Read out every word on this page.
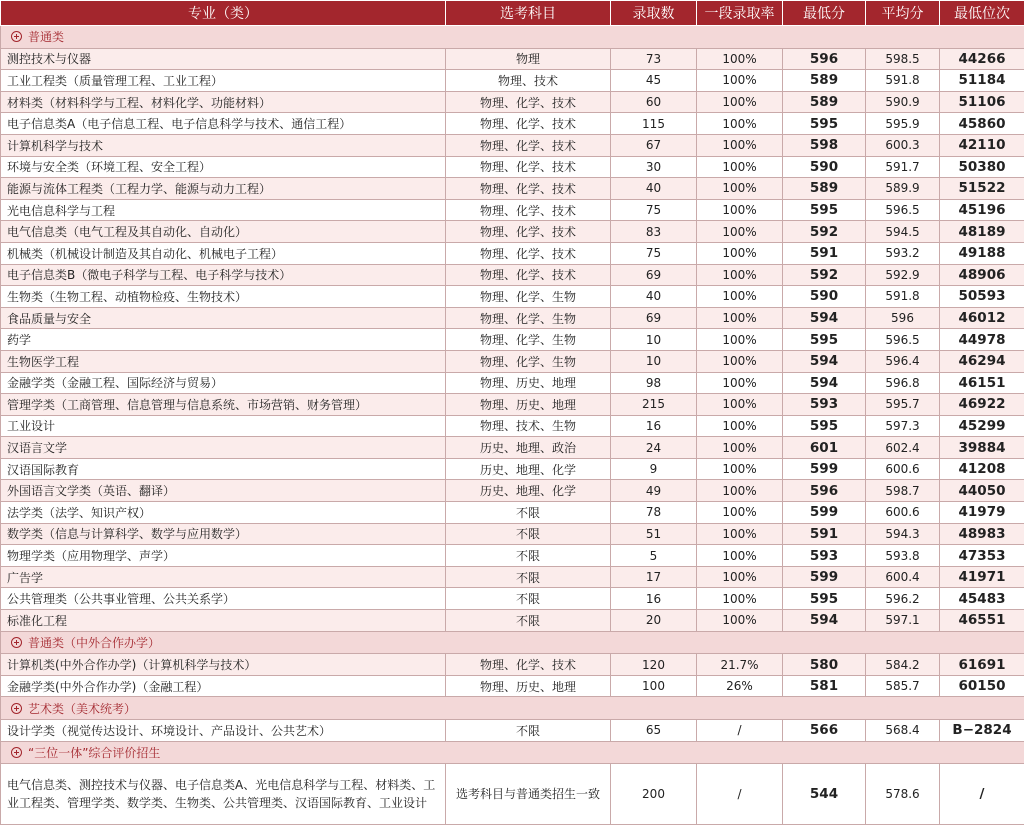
专业（类）	选考科目	录取数	一段录取率	最低分	平均分	最低位次
普通类						
测控技术与仪器	物理	73	100%	596	598.5	44266
工业工程类（质量管理工程、工业工程）	物理、技术	45	100%	589	591.8	51184
材料类（材料科学与工程、材料化学、功能材料）	物理、化学、技术	60	100%	589	590.9	51106
电子信息类A（电子信息工程、电子信息科学与技术、通信工程）	物理、化学、技术	115	100%	595	595.9	45860
计算机科学与技术	物理、化学、技术	67	100%	598	600.3	42110
环境与安全类（环境工程、安全工程）	物理、化学、技术	30	100%	590	591.7	50380
能源与流体工程类（工程力学、能源与动力工程）	物理、化学、技术	40	100%	589	589.9	51522
光电信息科学与工程	物理、化学、技术	75	100%	595	596.5	45196
电气信息类（电气工程及其自动化、自动化）	物理、化学、技术	83	100%	592	594.5	48189
机械类（机械设计制造及其自动化、机械电子工程）	物理、化学、技术	75	100%	591	593.2	49188
电子信息类B（微电子科学与工程、电子科学与技术）	物理、化学、技术	69	100%	592	592.9	48906
生物类（生物工程、动植物检疫、生物技术）	物理、化学、生物	40	100%	590	591.8	50593
食品质量与安全	物理、化学、生物	69	100%	594	596	46012
药学	物理、化学、生物	10	100%	595	596.5	44978
生物医学工程	物理、化学、生物	10	100%	594	596.4	46294
金融学类（金融工程、国际经济与贸易）	物理、历史、地理	98	100%	594	596.8	46151
管理学类（工商管理、信息管理与信息系统、市场营销、财务管理）	物理、历史、地理	215	100%	593	595.7	46922
工业设计	物理、技术、生物	16	100%	595	597.3	45299
汉语言文学	历史、地理、政治	24	100%	601	602.4	39884
汉语国际教育	历史、地理、化学	9	100%	599	600.6	41208
外国语言文学类（英语、翻译）	历史、地理、化学	49	100%	596	598.7	44050
法学类（法学、知识产权）	不限	78	100%	599	600.6	41979
数学类（信息与计算科学、数学与应用数学）	不限	51	100%	591	594.3	48983
物理学类（应用物理学、声学）	不限	5	100%	593	593.8	47353
广告学	不限	17	100%	599	600.4	41971
公共管理类（公共事业管理、公共关系学）	不限	16	100%	595	596.2	45483
标准化工程	不限	20	100%	594	597.1	46551
普通类（中外合作办学）						
计算机类(中外合作办学)（计算机科学与技术）	物理、化学、技术	120	21.7%	580	584.2	61691
金融学类(中外合作办学)（金融工程）	物理、历史、地理	100	26%	581	585.7	60150
艺术类（美术统考）						
设计学类（视觉传达设计、环境设计、产品设计、公共艺术）	不限	65	/	566	568.4	B−2824
“三位一体”综合评价招生						
电气信息类、测控技术与仪器、电子信息类A、光电信息科学与工程、材料类、工业工程类、管理学类、数学类、生物类、公共管理类、汉语国际教育、工业设计	选考科目与普通类招生一致	200	/	544	578.6	/
